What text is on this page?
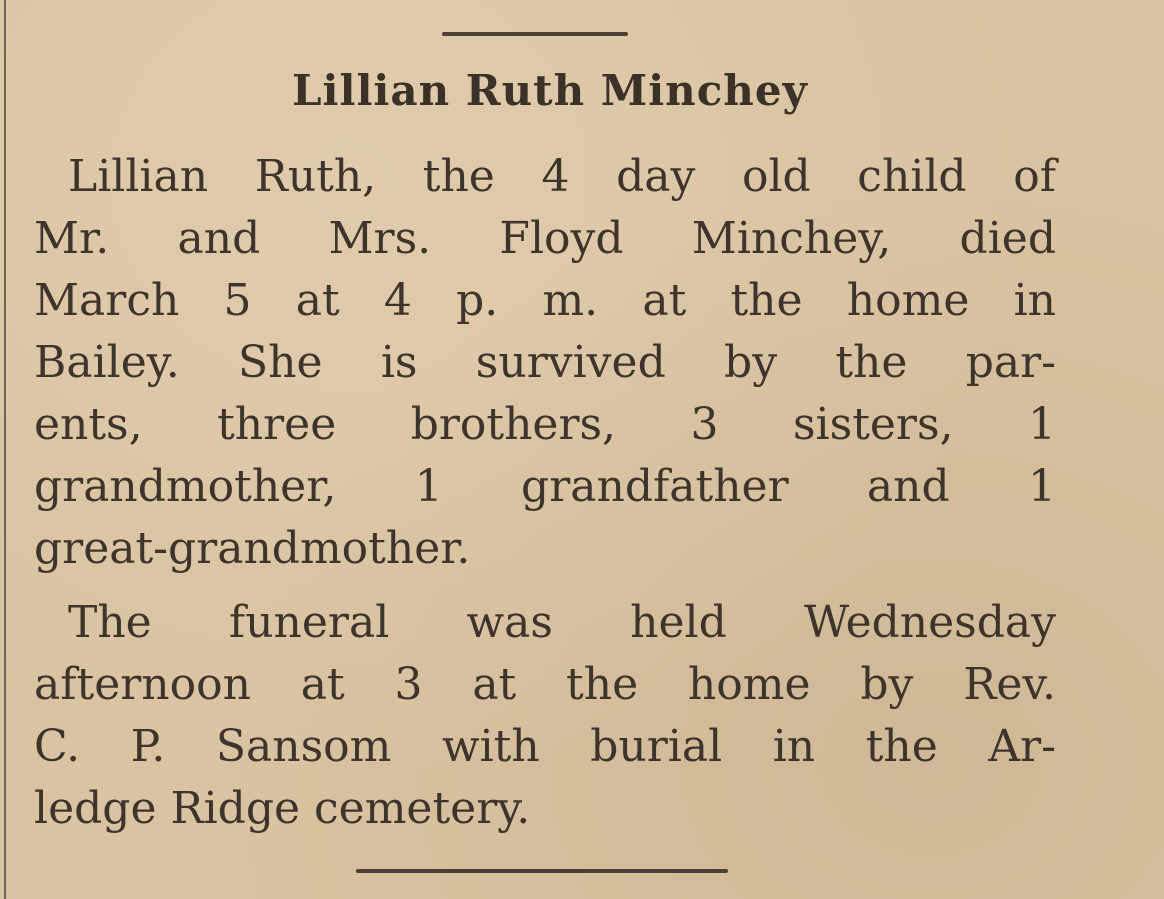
Lillian Ruth Minchey

Lillian Ruth, the 4 day old child of
Mr. and Mrs. Floyd Minchey, died
March 5 at 4 p. m. at the home in
Bailey. She is survived by the par-
ents, three brothers, 3 sisters, 1
grandmother, 1 grandfather and 1
great-grandmother.

The funeral was held Wednesday
afternoon at 3 at the home by Rev.
C. P. Sansom with burial in the Ar-
ledge Ridge cemetery.
